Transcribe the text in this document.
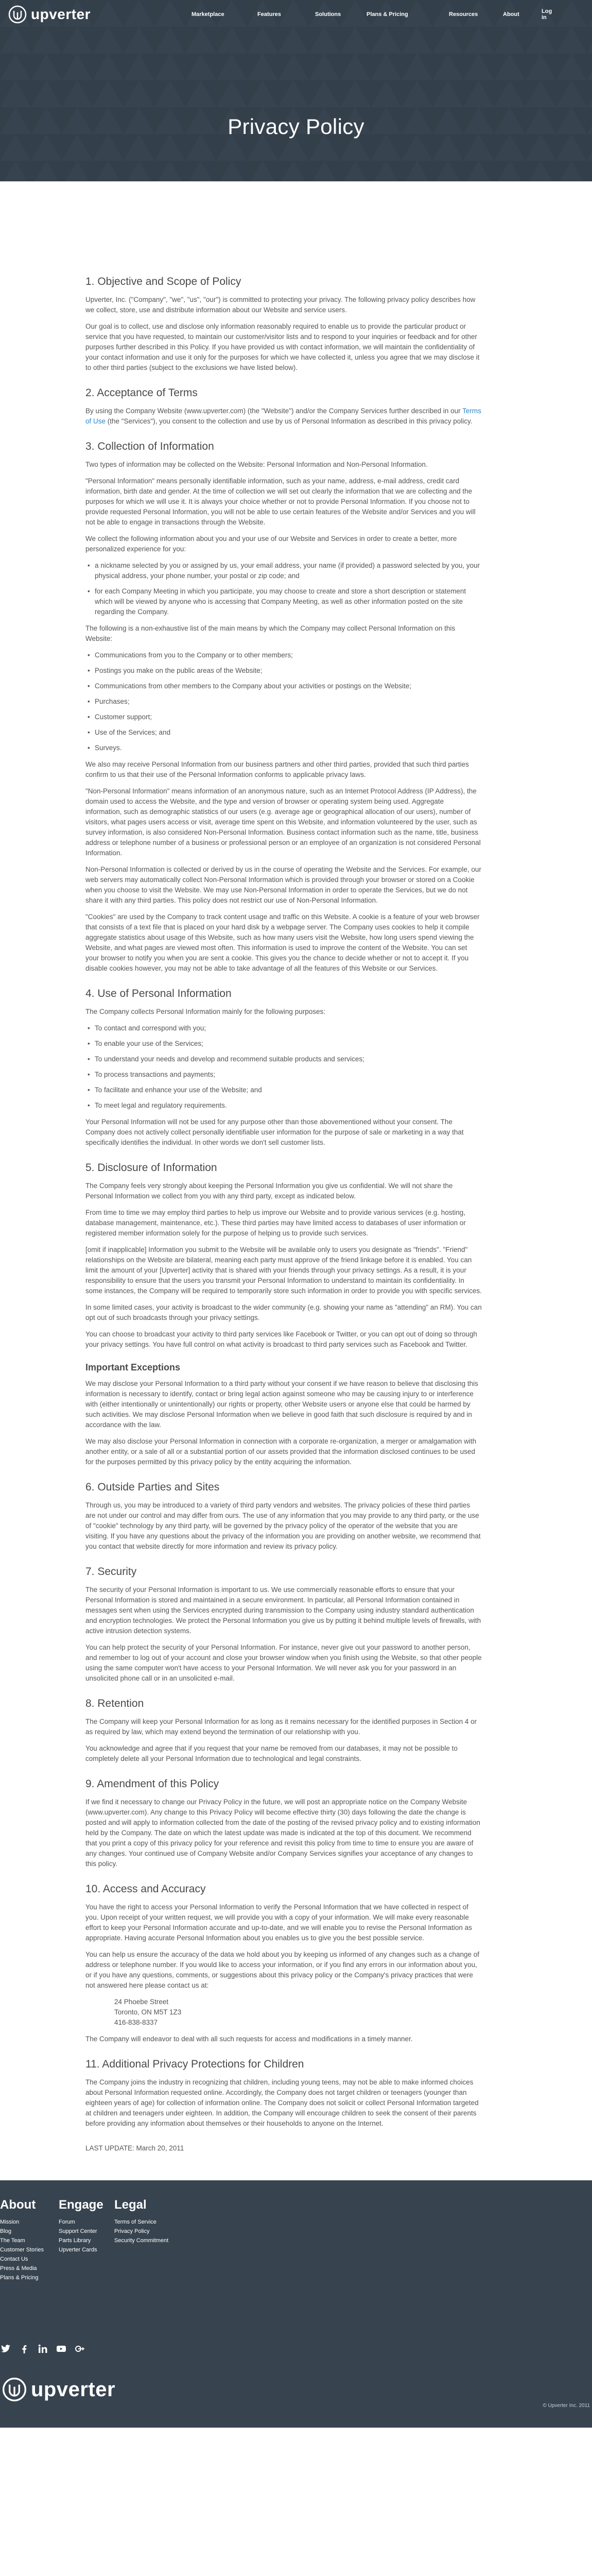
upverter	Marketplace	Features	Solutions	Plans & Pricing	Resources	About	Log in
Privacy Policy
1. Objective and Scope of Policy

Upverter, Inc. ("Company", "we", "us", "our") is committed to protecting your privacy. The following privacy policy describes how we collect, store, use and distribute information about our Website and service users.

Our goal is to collect, use and disclose only information reasonably required to enable us to provide the particular product or service that you have requested, to maintain our customer/visitor lists and to respond to your inquiries or feedback and for other purposes further described in this Policy. If you have provided us with contact information, we will maintain the confidentiality of your contact information and use it only for the purposes for which we have collected it, unless you agree that we may disclose it to other third parties (subject to the exclusions we have listed below).

2. Acceptance of Terms

By using the Company Website (www.upverter.com) (the "Website") and/or the Company Services further described in our Terms of Use (the "Services"), you consent to the collection and use by us of Personal Information as described in this privacy policy.

3. Collection of Information

Two types of information may be collected on the Website: Personal Information and Non-Personal Information.

"Personal Information" means personally identifiable information, such as your name, address, e-mail address, credit card information, birth date and gender. At the time of collection we will set out clearly the information that we are collecting and the purposes for which we will use it. It is always your choice whether or not to provide Personal Information. If you choose not to provide requested Personal Information, you will not be able to use certain features of the Website and/or Services and you will not be able to engage in transactions through the Website.

We collect the following information about you and your use of our Website and Services in order to create a better, more personalized experience for you:

• a nickname selected by you or assigned by us, your email address, your name (if provided) a password selected by you, your physical address, your phone number, your postal or zip code; and
• for each Company Meeting in which you participate, you may choose to create and store a short description or statement which will be viewed by anyone who is accessing that Company Meeting, as well as other information posted on the site regarding the Company.

The following is a non-exhaustive list of the main means by which the Company may collect Personal Information on this Website:

• Communications from you to the Company or to other members;
• Postings you make on the public areas of the Website;
• Communications from other members to the Company about your activities or postings on the Website;
• Purchases;
• Customer support;
• Use of the Services; and
• Surveys.

We also may receive Personal Information from our business partners and other third parties, provided that such third parties confirm to us that their use of the Personal Information conforms to applicable privacy laws.

"Non-Personal Information" means information of an anonymous nature, such as an Internet Protocol Address (IP Address), the domain used to access the Website, and the type and version of browser or operating system being used. Aggregate information, such as demographic statistics of our users (e.g. average age or geographical allocation of our users), number of visitors, what pages users access or visit, average time spent on this Website, and information volunteered by the user, such as survey information, is also considered Non-Personal Information. Business contact information such as the name, title, business address or telephone number of a business or professional person or an employee of an organization is not considered Personal Information.

Non-Personal Information is collected or derived by us in the course of operating the Website and the Services. For example, our web servers may automatically collect Non-Personal Information which is provided through your browser or stored on a Cookie when you choose to visit the Website. We may use Non-Personal Information in order to operate the Services, but we do not share it with any third parties. This policy does not restrict our use of Non-Personal Information.

"Cookies" are used by the Company to track content usage and traffic on this Website. A cookie is a feature of your web browser that consists of a text file that is placed on your hard disk by a webpage server. The Company uses cookies to help it compile aggregate statistics about usage of this Website, such as how many users visit the Website, how long users spend viewing the Website, and what pages are viewed most often. This information is used to improve the content of the Website. You can set your browser to notify you when you are sent a cookie. This gives you the chance to decide whether or not to accept it. If you disable cookies however, you may not be able to take advantage of all the features of this Website or our Services.

4. Use of Personal Information

The Company collects Personal Information mainly for the following purposes:

• To contact and correspond with you;
• To enable your use of the Services;
• To understand your needs and develop and recommend suitable products and services;
• To process transactions and payments;
• To facilitate and enhance your use of the Website; and
• To meet legal and regulatory requirements.

Your Personal Information will not be used for any purpose other than those abovementioned without your consent. The Company does not actively collect personally identifiable user information for the purpose of sale or marketing in a way that specifically identifies the individual. In other words we don't sell customer lists.

5. Disclosure of Information

The Company feels very strongly about keeping the Personal Information you give us confidential. We will not share the Personal Information we collect from you with any third party, except as indicated below.

From time to time we may employ third parties to help us improve our Website and to provide various services (e.g. hosting, database management, maintenance, etc.). These third parties may have limited access to databases of user information or registered member information solely for the purpose of helping us to provide such services.

[omit if inapplicable] Information you submit to the Website will be available only to users you designate as "friends". "Friend" relationships on the Website are bilateral, meaning each party must approve of the friend linkage before it is enabled. You can limit the amount of your [Upverter] activity that is shared with your friends through your privacy settings. As a result, it is your responsibility to ensure that the users you transmit your Personal Information to understand to maintain its confidentiality. In some instances, the Company will be required to temporarily store such information in order to provide you with specific services.

In some limited cases, your activity is broadcast to the wider community (e.g. showing your name as "attending" an RM). You can opt out of such broadcasts through your privacy settings.

You can choose to broadcast your activity to third party services like Facebook or Twitter, or you can opt out of doing so through your privacy settings. You have full control on what activity is broadcast to third party services such as Facebook and Twitter.

Important Exceptions

We may disclose your Personal Information to a third party without your consent if we have reason to believe that disclosing this information is necessary to identify, contact or bring legal action against someone who may be causing injury to or interference with (either intentionally or unintentionally) our rights or property, other Website users or anyone else that could be harmed by such activities. We may disclose Personal Information when we believe in good faith that such disclosure is required by and in accordance with the law.

We may also disclose your Personal Information in connection with a corporate re-organization, a merger or amalgamation with another entity, or a sale of all or a substantial portion of our assets provided that the information disclosed continues to be used for the purposes permitted by this privacy policy by the entity acquiring the information.

6. Outside Parties and Sites

Through us, you may be introduced to a variety of third party vendors and websites. The privacy policies of these third parties are not under our control and may differ from ours. The use of any information that you may provide to any third party, or the use of "cookie" technology by any third party, will be governed by the privacy policy of the operator of the website that you are visiting. If you have any questions about the privacy of the information you are providing on another website, we recommend that you contact that website directly for more information and review its privacy policy.

7. Security

The security of your Personal Information is important to us. We use commercially reasonable efforts to ensure that your Personal Information is stored and maintained in a secure environment. In particular, all Personal Information contained in messages sent when using the Services encrypted during transmission to the Company using industry standard authentication and encryption technologies. We protect the Personal Information you give us by putting it behind multiple levels of firewalls, with active intrusion detection systems.

You can help protect the security of your Personal Information. For instance, never give out your password to another person, and remember to log out of your account and close your browser window when you finish using the Website, so that other people using the same computer won't have access to your Personal Information. We will never ask you for your password in an unsolicited phone call or in an unsolicited e-mail.

8. Retention

The Company will keep your Personal Information for as long as it remains necessary for the identified purposes in Section 4 or as required by law, which may extend beyond the termination of our relationship with you.

You acknowledge and agree that if you request that your name be removed from our databases, it may not be possible to completely delete all your Personal Information due to technological and legal constraints.

9. Amendment of this Policy

If we find it necessary to change our Privacy Policy in the future, we will post an appropriate notice on the Company Website (www.upverter.com). Any change to this Privacy Policy will become effective thirty (30) days following the date the change is posted and will apply to information collected from the date of the posting of the revised privacy policy and to existing information held by the Company. The date on which the latest update was made is indicated at the top of this document. We recommend that you print a copy of this privacy policy for your reference and revisit this policy from time to time to ensure you are aware of any changes. Your continued use of Company Website and/or Company Services signifies your acceptance of any changes to this policy.

10. Access and Accuracy

You have the right to access your Personal Information to verify the Personal Information that we have collected in respect of you. Upon receipt of your written request, we will provide you with a copy of your information. We will make every reasonable effort to keep your Personal Information accurate and up-to-date, and we will enable you to revise the Personal Information as appropriate. Having accurate Personal Information about you enables us to give you the best possible service.

You can help us ensure the accuracy of the data we hold about you by keeping us informed of any changes such as a change of address or telephone number. If you would like to access your information, or if you find any errors in our information about you, or if you have any questions, comments, or suggestions about this privacy policy or the Company's privacy practices that were not answered here please contact us at:

24 Phoebe Street
Toronto, ON M5T 1Z3
416-838-8337

The Company will endeavor to deal with all such requests for access and modifications in a timely manner.

11. Additional Privacy Protections for Children

The Company joins the industry in recognizing that children, including young teens, may not be able to make informed choices about Personal Information requested online. Accordingly, the Company does not target children or teenagers (younger than eighteen years of age) for collection of information online. The Company does not solicit or collect Personal Information targeted at children and teenagers under eighteen. In addition, the Company will encourage children to seek the consent of their parents before providing any information about themselves or their households to anyone on the Internet.

LAST UPDATE: March 20, 2011

About
Mission
Blog
The Team
Customer Stories
Contact Us
Press & Media
Plans & Pricing
Engage
Forum
Support Center
Parts Library
Upverter Cards
Legal
Terms of Service
Privacy Policy
Security Commitment
upverter
© Upverter Inc. 2011
